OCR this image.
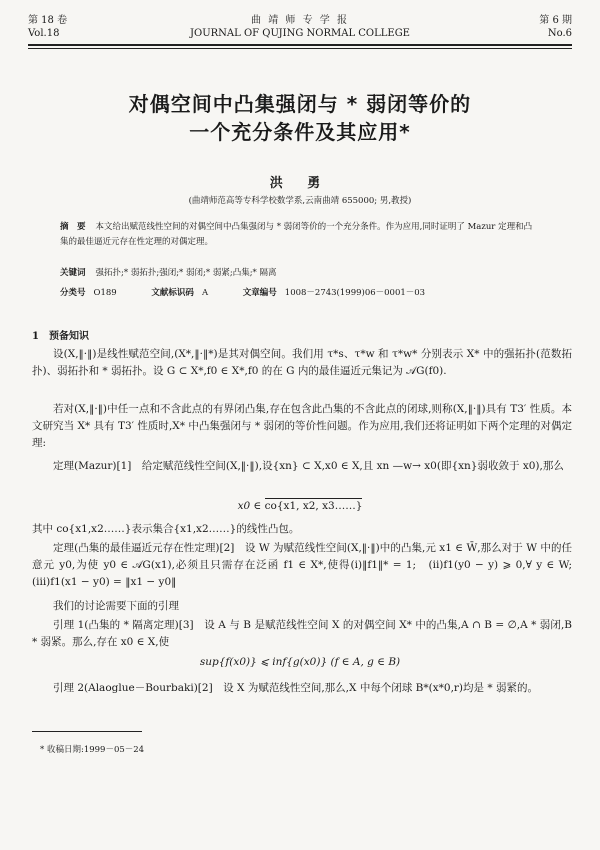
第 18 卷
Vol.18
曲 靖 师 专 学 报
JOURNAL OF QUJING NORMAL COLLEGE
第 6 期
No.6
对偶空间中凸集强闭与 * 弱闭等价的
一个充分条件及其应用*
洪 勇
(曲靖师范高等专科学校数学系,云南曲靖 655000; 男,教授)
摘　要 本文给出赋范线性空间的对偶空间中凸集强闭与 * 弱闭等价的一个充分条件。作为应用,同时证明了 Mazur 定理和凸集的最佳逼近元存在性定理的对偶定理。
关键词 强拓扑;* 弱拓扑;强闭;* 弱闭;* 弱紧;凸集;* 隔离
分类号 O189	文献标识码 A	文章编号 1008－2743(1999)06－0001－03
1　预备知识
设(X,‖·‖)是线性赋范空间,(X*,‖·‖*)是其对偶空间。我们用 τ*s、τ*w 和 τ*w* 分别表示 X* 中的强拓扑(范数拓扑)、弱拓扑和 * 弱拓扑。设 G ⊂ X*,f0 ∈ X*,f0 的在 G 内的最佳逼近元集记为 𝒜G(f0).
若对(X,‖·‖)中任一点和不含此点的有界闭凸集,存在包含此凸集的不含此点的闭球,则称(X,‖·‖)具有 T3′ 性质。本文研究当 X* 具有 T3′ 性质时,X* 中凸集强闭与 * 弱闭的等价性问题。作为应用,我们还将证明如下两个定理的对偶定理:
定理(Mazur)[1]　给定赋范线性空间(X,‖·‖),设{xn} ⊂ X,x0 ∈ X,且 xn —w→ x0(即{xn}弱收敛于 x0),那么
x0 ∈ co{x1, x2, x3……}
其中 co{x1,x2……}表示集合{x1,x2……}的线性凸包。
定理(凸集的最佳逼近元存在性定理)[2]　设 W 为赋范线性空间(X,‖·‖)中的凸集,元 x1 ∈ W̄,那么对于 W 中的任意元 y0,为使 y0 ∈ 𝒜G(x1),必须且只需存在泛函 f1 ∈ X*,使得(i)‖f1‖* = 1;　(ii)f1(y0 − y) ⩾ 0,∀ y ∈ W;(iii)f1(x1 − y0) = ‖x1 − y0‖
我们的讨论需要下面的引理
引理 1(凸集的 * 隔离定理)[3]　设 A 与 B 是赋范线性空间 X 的对偶空间 X* 中的凸集,A ∩ B = ∅,A * 弱闭,B * 弱紧。那么,存在 x0 ∈ X,使
sup{f(x0)} ⩽ inf{g(x0)} (f ∈ A, g ∈ B)
引理 2(Alaoglue－Bourbaki)[2]　设 X 为赋范线性空间,那么,X 中每个闭球 B*(x*0,r)均是 * 弱紧的。
* 收稿日期:1999－05－24
